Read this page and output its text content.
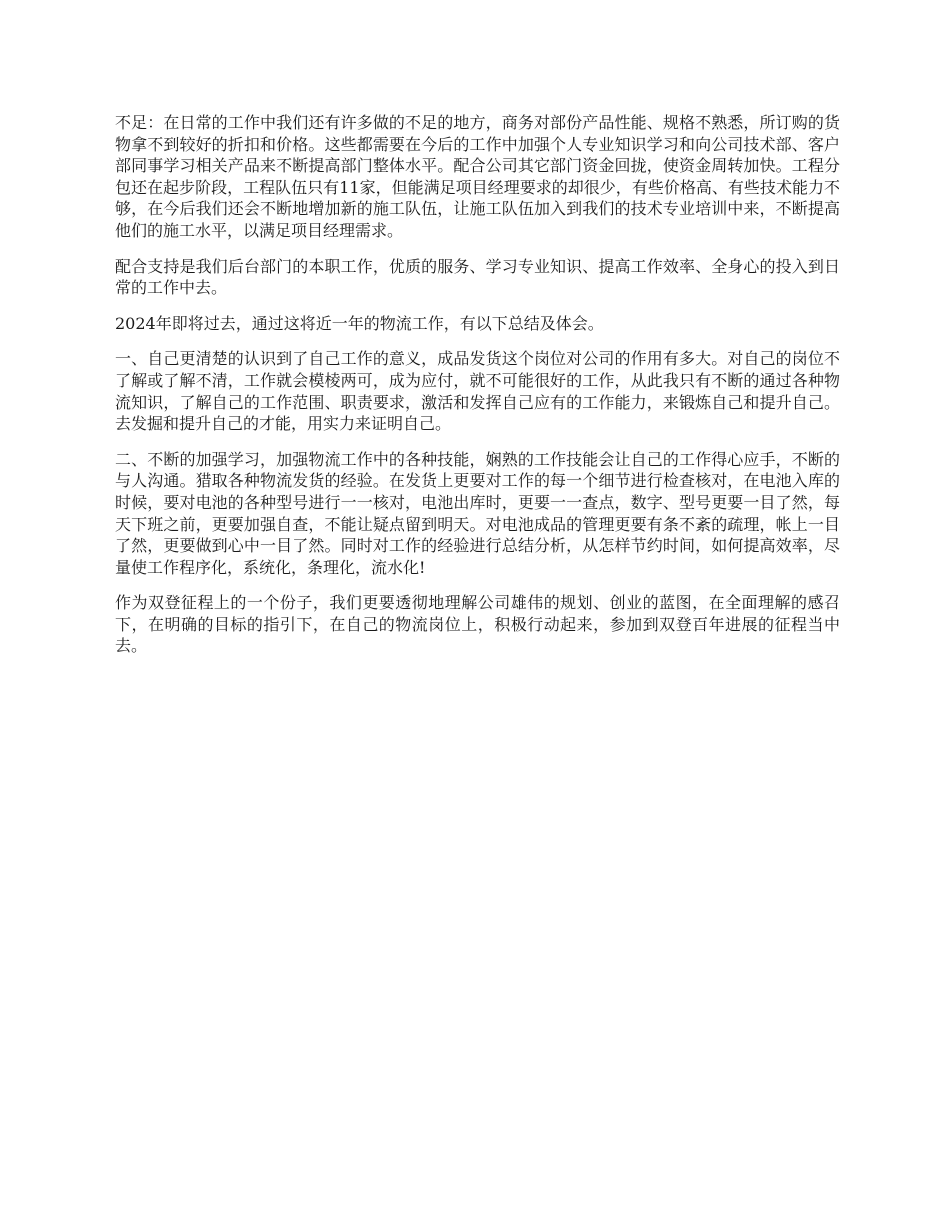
不足：在日常的工作中我们还有许多做的不足的地方，商务对部份产品性能、规格不熟悉，所订购的货物拿不到较好的折扣和价格。这些都需要在今后的工作中加强个人专业知识学习和向公司技术部、客户部同事学习相关产品来不断提高部门整体水平。配合公司其它部门资金回拢，使资金周转加快。工程分包还在起步阶段，工程队伍只有11家，但能满足项目经理要求的却很少，有些价格高、有些技术能力不够，在今后我们还会不断地增加新的施工队伍，让施工队伍加入到我们的技术专业培训中来，不断提高他们的施工水平，以满足项目经理需求。

配合支持是我们后台部门的本职工作，优质的服务、学习专业知识、提高工作效率、全身心的投入到日常的工作中去。

2024年即将过去，通过这将近一年的物流工作，有以下总结及体会。

一、自己更清楚的认识到了自己工作的意义，成品发货这个岗位对公司的作用有多大。对自己的岗位不了解或了解不清，工作就会模棱两可，成为应付，就不可能很好的工作，从此我只有不断的通过各种物流知识，了解自己的工作范围、职责要求，激活和发挥自己应有的工作能力，来锻炼自己和提升自己。去发掘和提升自己的才能，用实力来证明自己。

二、不断的加强学习，加强物流工作中的各种技能，娴熟的工作技能会让自己的工作得心应手，不断的与人沟通。猎取各种物流发货的经验。在发货上更要对工作的每一个细节进行检查核对，在电池入库的时候，要对电池的各种型号进行一一核对，电池出库时，更要一一查点，数字、型号更要一目了然，每天下班之前，更要加强自查，不能让疑点留到明天。对电池成品的管理更要有条不紊的疏理，帐上一目了然，更要做到心中一目了然。同时对工作的经验进行总结分析，从怎样节约时间，如何提高效率，尽量使工作程序化，系统化，条理化，流水化!

作为双登征程上的一个份子，我们更要透彻地理解公司雄伟的规划、创业的蓝图，在全面理解的感召下，在明确的目标的指引下，在自己的物流岗位上，积极行动起来，参加到双登百年进展的征程当中去。
